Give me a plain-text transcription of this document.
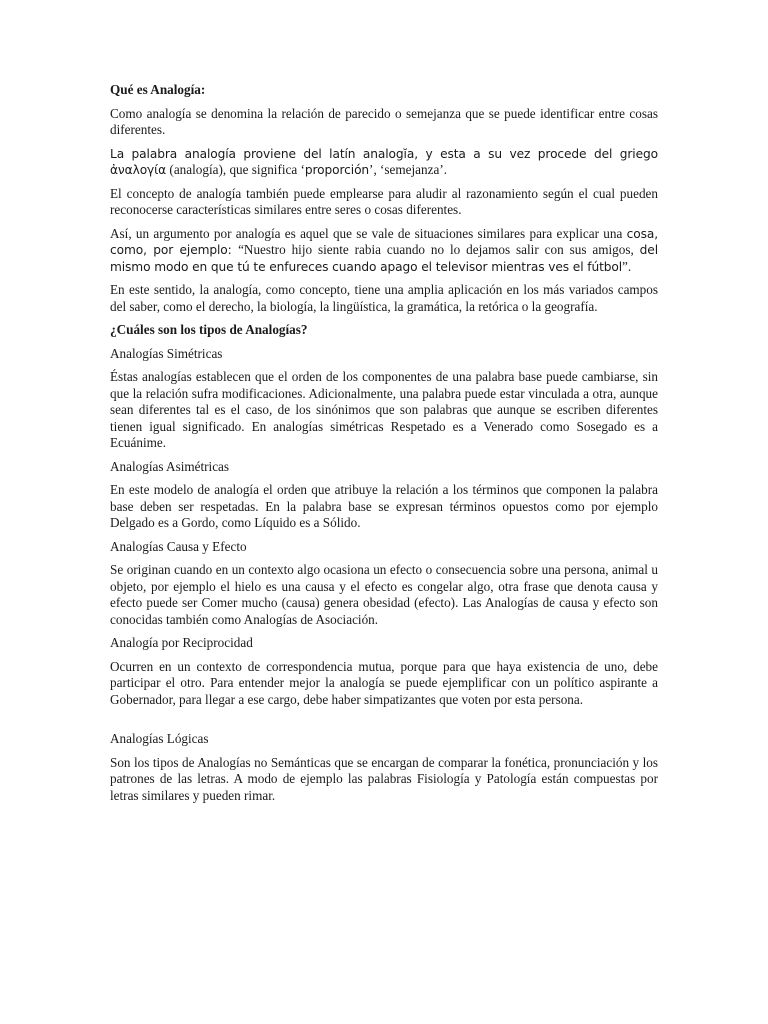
Qué es Analogía:

Como analogía se denomina la relación de parecido o semejanza que se puede identificar entre cosas diferentes.

La palabra analogía proviene del latín analogĭa, y esta a su vez procede del griego ἀναλογία (analogía), que significa ‘proporción’, ‘semejanza’.

El concepto de analogía también puede emplearse para aludir al razonamiento según el cual pueden reconocerse características similares entre seres o cosas diferentes.

Así, un argumento por analogía es aquel que se vale de situaciones similares para explicar una cosa, como, por ejemplo: “Nuestro hijo siente rabia cuando no lo dejamos salir con sus amigos, del mismo modo en que tú te enfureces cuando apago el televisor mientras ves el fútbol”.

En este sentido, la analogía, como concepto, tiene una amplia aplicación en los más variados campos del saber, como el derecho, la biología, la lingüística, la gramática, la retórica o la geografía.

¿Cuáles son los tipos de Analogías?

Analogías Simétricas

Éstas analogías establecen que el orden de los componentes de una palabra base puede cambiarse, sin que la relación sufra modificaciones. Adicionalmente, una palabra puede estar vinculada a otra, aunque sean diferentes tal es el caso, de los sinónimos que son palabras que aunque se escriben diferentes tienen igual significado. En analogías simétricas Respetado es a Venerado como Sosegado es a Ecuánime.

Analogías Asimétricas

En este modelo de analogía el orden que atribuye la relación a los términos que componen la palabra base deben ser respetadas. En la palabra base se expresan términos opuestos como por ejemplo Delgado es a Gordo, como Líquido es a Sólido.

Analogías Causa y Efecto

Se originan cuando en un contexto algo ocasiona un efecto o consecuencia sobre una persona, animal u objeto, por ejemplo el hielo es una causa y el efecto es congelar algo, otra frase que denota causa y efecto puede ser Comer mucho (causa) genera obesidad (efecto). Las Analogías de causa y efecto son conocidas también como Analogías de Asociación.

Analogía por Reciprocidad

Ocurren en un contexto de correspondencia mutua, porque para que haya existencia de uno, debe participar el otro. Para entender mejor la analogía se puede ejemplificar con un político aspirante a Gobernador, para llegar a ese cargo, debe haber simpatizantes que voten por esta persona.

Analogías Lógicas

Son los tipos de Analogías no Semánticas que se encargan de comparar la fonética, pronunciación y los patrones de las letras. A modo de ejemplo las palabras Fisiología y Patología están compuestas por letras similares y pueden rimar.
